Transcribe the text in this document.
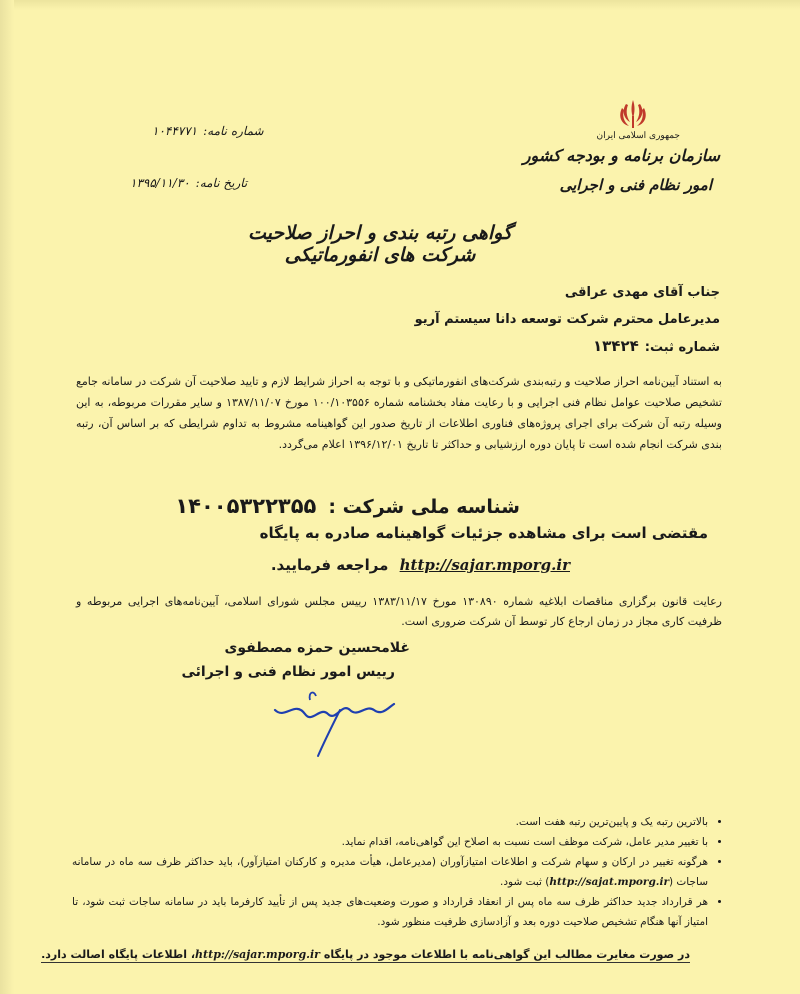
جمهوری اسلامی ایران
سازمان برنامه و بودجه کشور
امور نظام فنی و اجرایی
شماره نامه:۱۰۴۴۷۷۱
تاریخ نامه:۱۳۹۵/۱۱/۳۰
گواهی رتبه بندی و احراز صلاحیت شرکت های انفورماتیکی
جناب آقای مهدی عراقی
مدیرعامل محترم شرکت توسعه دانا سیستم آریو
شماره ثبت:۱۳۴۲۴
به استناد آیین‌نامه احراز صلاحیت و رتبه‌بندی شرکت‌های انفورماتیکی و با توجه به احراز شرایط لازم و تایید صلاحیت آن شرکت در سامانه جامع تشخیص صلاحیت عوامل نظام فنی اجرایی و با رعایت مفاد بخشنامه شماره ۱۰۰/۱۰۳۵۵۶ مورخ ۱۳۸۷/۱۱/۰۷ و سایر مقررات مربوطه، به این وسیله رتبه آن شرکت برای اجرای پروژه‌های فناوری اطلاعات از تاریخ صدور این گواهینامه مشروط به تداوم شرایطی که بر اساس آن، رتبه بندی شرکت انجام شده است تا پایان دوره ارزشیابی و حداکثر تا تاریخ ۱۳۹۶/۱۲/۰۱ اعلام می‌گردد.
شناسه ملی شرکت :۱۴۰۰۵۳۲۲۳۵۵
مقتضی است برای مشاهده جزئیات گواهینامه صادره به پایگاه
http://sajar.mporg.ir مراجعه فرمایید.
رعایت قانون برگزاری مناقصات ابلاغیه شماره ۱۳۰۸۹۰ مورخ ۱۳۸۳/۱۱/۱۷ رییس مجلس شورای اسلامی، آیین‌نامه‌های اجرایی مربوطه و ظرفیت کاری مجاز در زمان ارجاع کار توسط آن شرکت ضروری است.
غلامحسین حمزه مصطفوی
رییس امور نظام فنی و اجرائی
• بالاترین رتبه یک و پایین‌ترین رتبه هفت است.
• با تغییر مدیر عامل، شرکت موظف است نسبت به اصلاح این گواهی‌نامه، اقدام نماید.
• هرگونه تغییر در ارکان و سهام شرکت و اطلاعات امتیازآوران (مدیرعامل، هیأت مدیره و کارکنان امتیازآور)، باید حداکثر ظرف سه ماه در سامانه ساجات (http://sajat.mporg.ir) ثبت شود.
• هر قرارداد جدید حداکثر ظرف سه ماه پس از انعقاد قرارداد و صورت وضعیت‌های جدید پس از تأیید کارفرما باید در سامانه ساجات ثبت شود، تا امتیاز آنها هنگام تشخیص صلاحیت دوره بعد و آزادسازی ظرفیت منظور شود.
در صورت مغایرت مطالب این گواهی‌نامه با اطلاعات موجود در پایگاه http://sajar.mporg.ir، اطلاعات پایگاه اصالت دارد.
